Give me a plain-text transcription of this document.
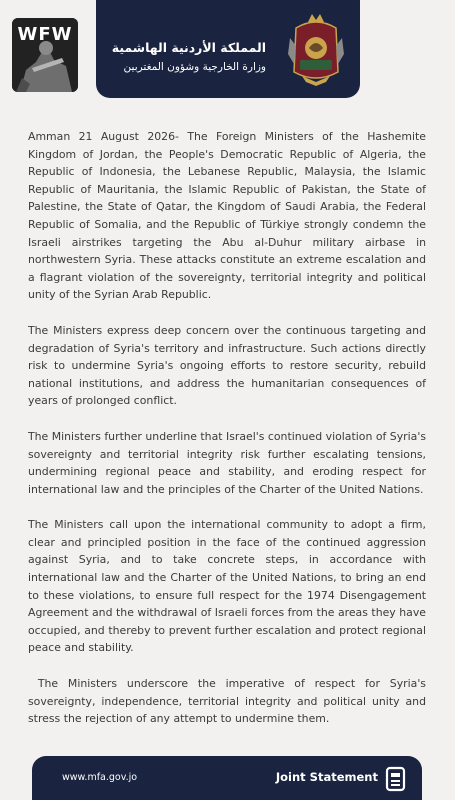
WFW
المملكة الأردنية الهاشمية
وزارة الخارجية وشؤون المغتربين

Amman 21 August 2026- The Foreign Ministers of the Hashemite Kingdom of Jordan, the People's Democratic Republic of Algeria, the Republic of Indonesia, the Lebanese Republic, Malaysia, the Islamic Republic of Mauritania, the Islamic Republic of Pakistan, the State of Palestine, the State of Qatar, the Kingdom of Saudi Arabia, the Federal Republic of Somalia, and the Republic of Türkiye strongly condemn the Israeli airstrikes targeting the Abu al-Duhur military airbase in northwestern Syria. These attacks constitute an extreme escalation and a flagrant violation of the sovereignty, territorial integrity and political unity of the Syrian Arab Republic.

The Ministers express deep concern over the continuous targeting and degradation of Syria's territory and infrastructure. Such actions directly risk to undermine Syria's ongoing efforts to restore security, rebuild national institutions, and address the humanitarian consequences of years of prolonged conflict.

The Ministers further underline that Israel's continued violation of Syria's sovereignty and territorial integrity risk further escalating tensions, undermining regional peace and stability, and eroding respect for international law and the principles of the Charter of the United Nations.

The Ministers call upon the international community to adopt a firm, clear and principled position in the face of the continued aggression against Syria, and to take concrete steps, in accordance with international law and the Charter of the United Nations, to bring an end to these violations, to ensure full respect for the 1974 Disengagement Agreement and the withdrawal of Israeli forces from the areas they have occupied, and thereby to prevent further escalation and protect regional peace and stability.

The Ministers underscore the imperative of respect for Syria's sovereignty, independence, territorial integrity and political unity and stress the rejection of any attempt to undermine them.

www.mfa.gov.jo	Joint Statement
